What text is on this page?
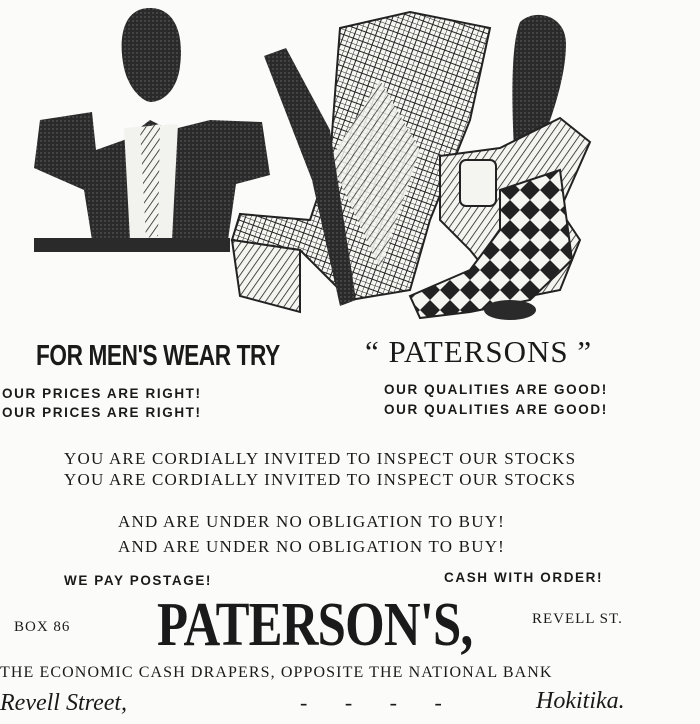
FOR MEN'S WEAR TRY	“ PATERSONS ”
OUR PRICES ARE RIGHT!
OUR PRICES ARE RIGHT!
OUR QUALITIES ARE GOOD!
OUR QUALITIES ARE GOOD!
YOU ARE CORDIALLY INVITED TO INSPECT OUR STOCKS
YOU ARE CORDIALLY INVITED TO INSPECT OUR STOCKS
AND ARE UNDER NO OBLIGATION TO BUY!
AND ARE UNDER NO OBLIGATION TO BUY!
WE PAY POSTAGE!	CASH WITH ORDER!
BOX 86 PATERSON'S,	REVELL ST.
THE ECONOMIC CASH DRAPERS, OPPOSITE THE NATIONAL BANK
Revell Street,	- - - -	Hokitika.
